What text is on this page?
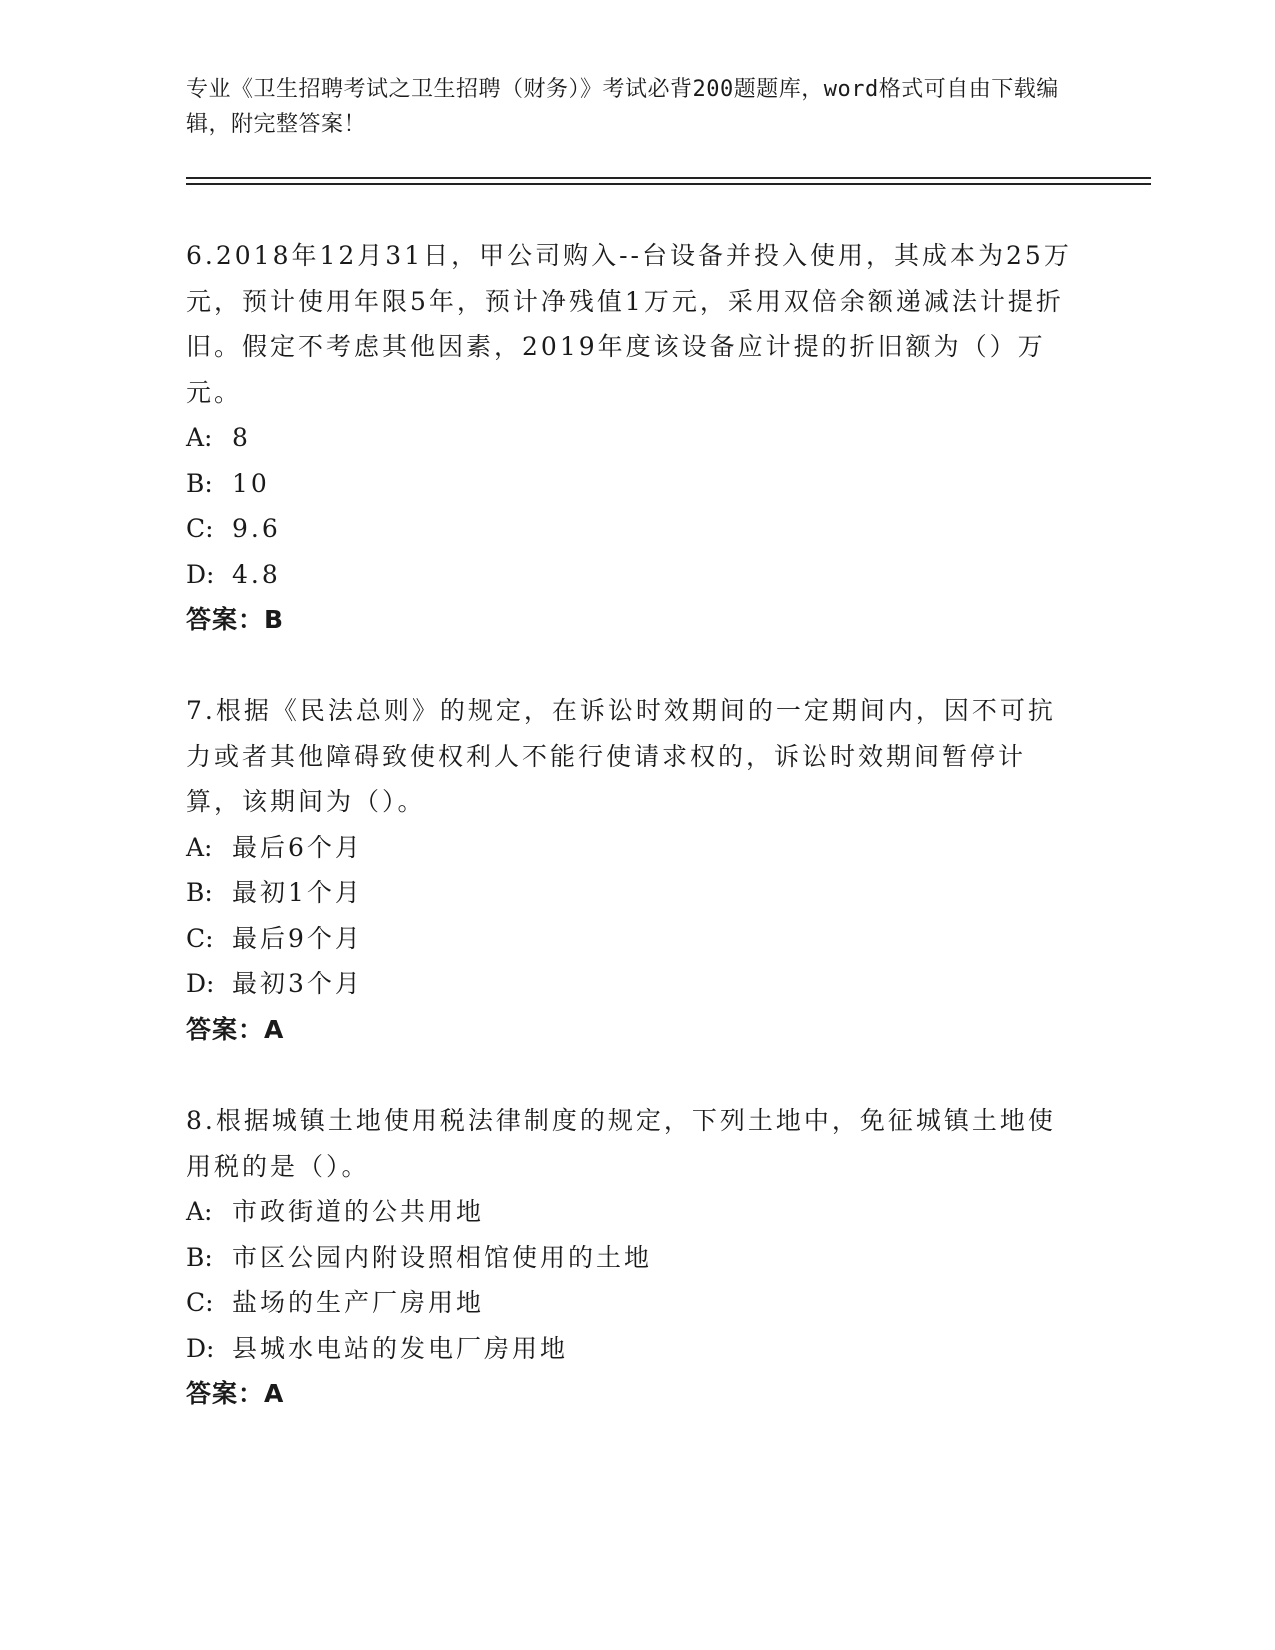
专业《卫生招聘考试之卫生招聘（财务）》考试必背200题题库，word格式可自由下载编辑，附完整答案！
6.2018年12月31日，甲公司购入--台设备并投入使用，其成本为25万元，预计使用年限5年，预计净残值1万元，采用双倍余额递减法计提折旧。假定不考虑其他因素，2019年度该设备应计提的折旧额为（）万元。
A: 8
B: 10
C: 9.6
D: 4.8
答案：B
7.根据《民法总则》的规定，在诉讼时效期间的一定期间内，因不可抗力或者其他障碍致使权利人不能行使请求权的，诉讼时效期间暂停计算，该期间为（）。
A: 最后6个月
B: 最初1个月
C: 最后9个月
D: 最初3个月
答案：A
8.根据城镇土地使用税法律制度的规定，下列土地中，免征城镇土地使用税的是（）。
A: 市政街道的公共用地
B: 市区公园内附设照相馆使用的土地
C: 盐场的生产厂房用地
D: 县城水电站的发电厂房用地
答案：A
